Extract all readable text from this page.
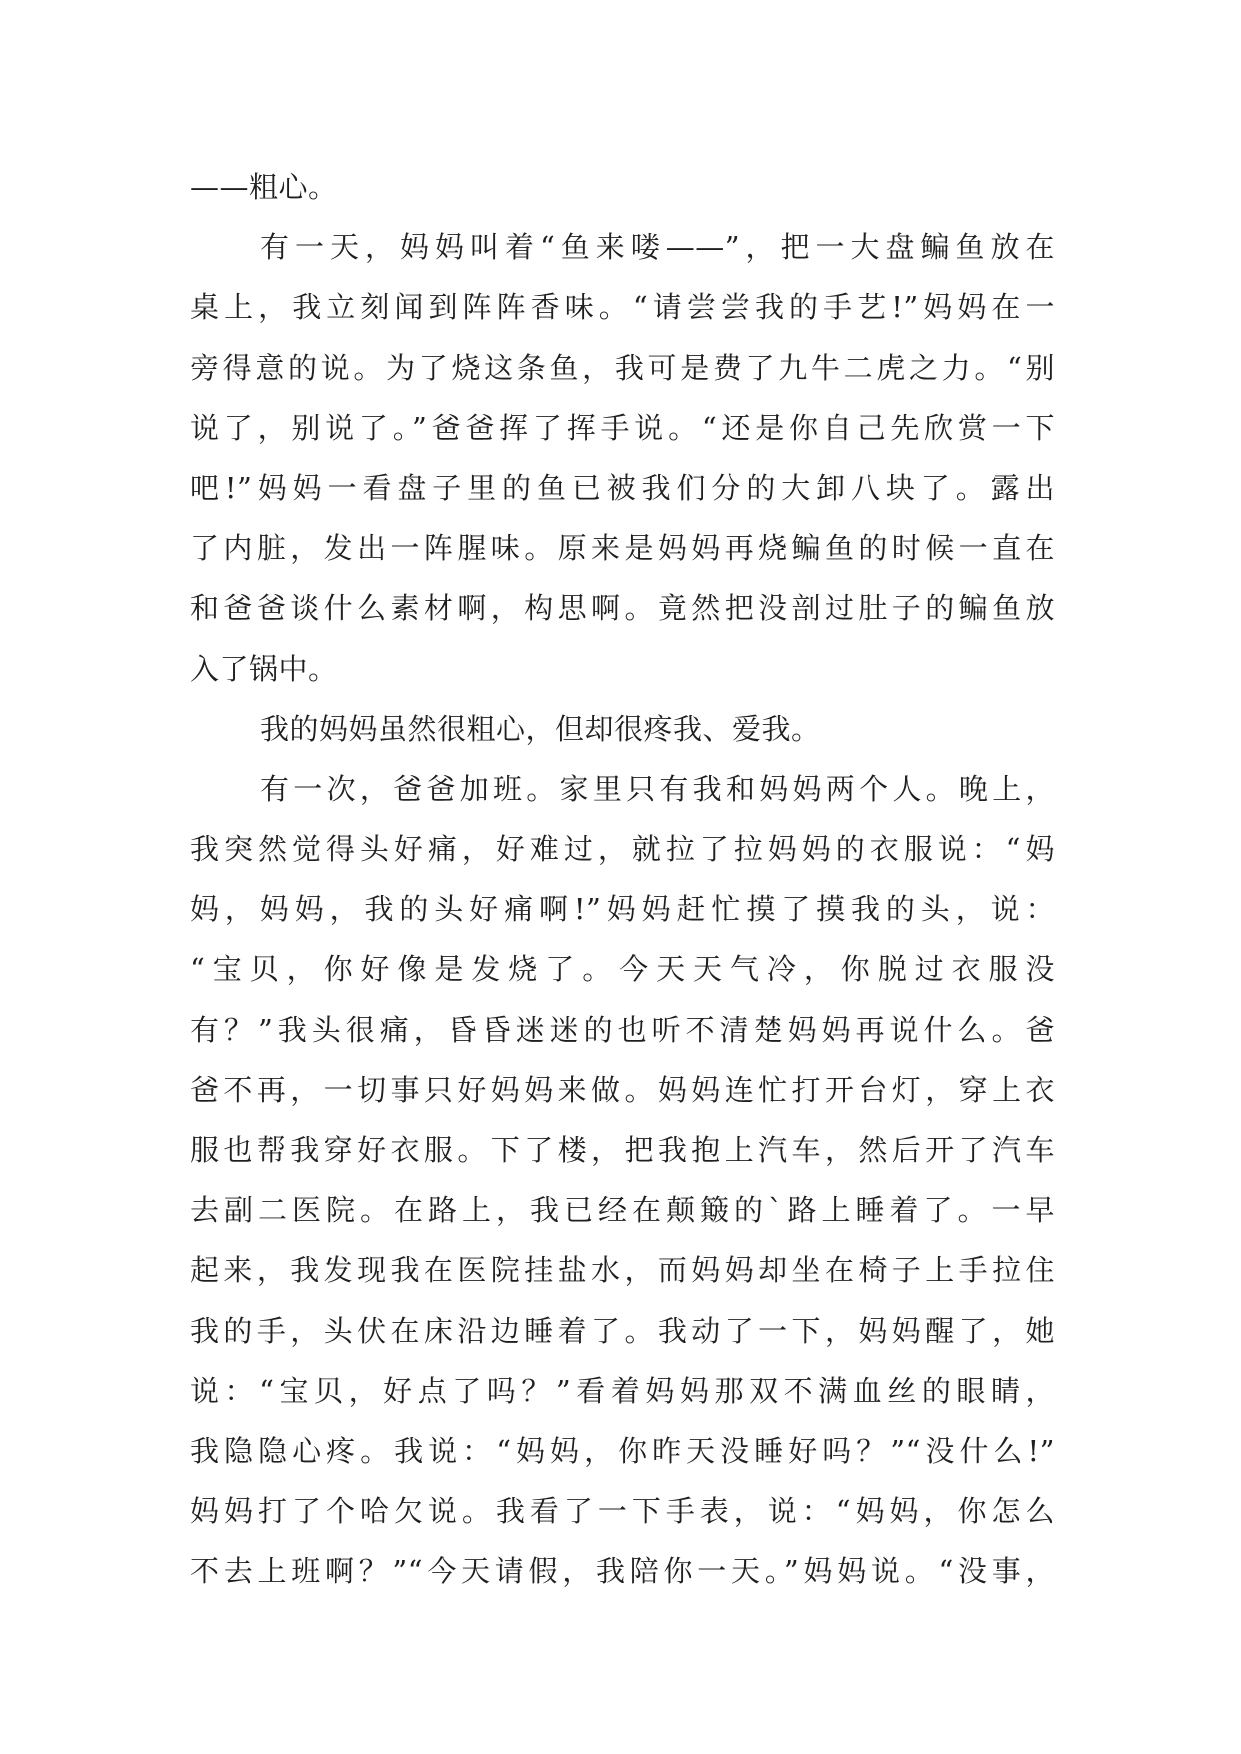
——粗心。
有一天，妈妈叫着“鱼来喽——”，把一大盘鳊鱼放在
桌上，我立刻闻到阵阵香味。“请尝尝我的手艺!”妈妈在一
旁得意的说。为了烧这条鱼，我可是费了九牛二虎之力。“别
说了，别说了。”爸爸挥了挥手说。“还是你自己先欣赏一下
吧!”妈妈一看盘子里的鱼已被我们分的大卸八块了。露出
了内脏，发出一阵腥味。原来是妈妈再烧鳊鱼的时候一直在
和爸爸谈什么素材啊，构思啊。竟然把没剖过肚子的鳊鱼放
入了锅中。
我的妈妈虽然很粗心，但却很疼我、爱我。
有一次，爸爸加班。家里只有我和妈妈两个人。晚上，
我突然觉得头好痛，好难过，就拉了拉妈妈的衣服说：“妈
妈，妈妈，我的头好痛啊!”妈妈赶忙摸了摸我的头，说：
“宝贝，你好像是发烧了。今天天气冷，你脱过衣服没
有？”我头很痛，昏昏迷迷的也听不清楚妈妈再说什么。爸
爸不再，一切事只好妈妈来做。妈妈连忙打开台灯，穿上衣
服也帮我穿好衣服。下了楼，把我抱上汽车，然后开了汽车
去副二医院。在路上，我已经在颠簸的`路上睡着了。一早
起来，我发现我在医院挂盐水，而妈妈却坐在椅子上手拉住
我的手，头伏在床沿边睡着了。我动了一下，妈妈醒了，她
说：“宝贝，好点了吗？”看着妈妈那双不满血丝的眼睛，
我隐隐心疼。我说：“妈妈，你昨天没睡好吗？”“没什么!”
妈妈打了个哈欠说。我看了一下手表，说：“妈妈，你怎么
不去上班啊？”“今天请假，我陪你一天。”妈妈说。“没事，
